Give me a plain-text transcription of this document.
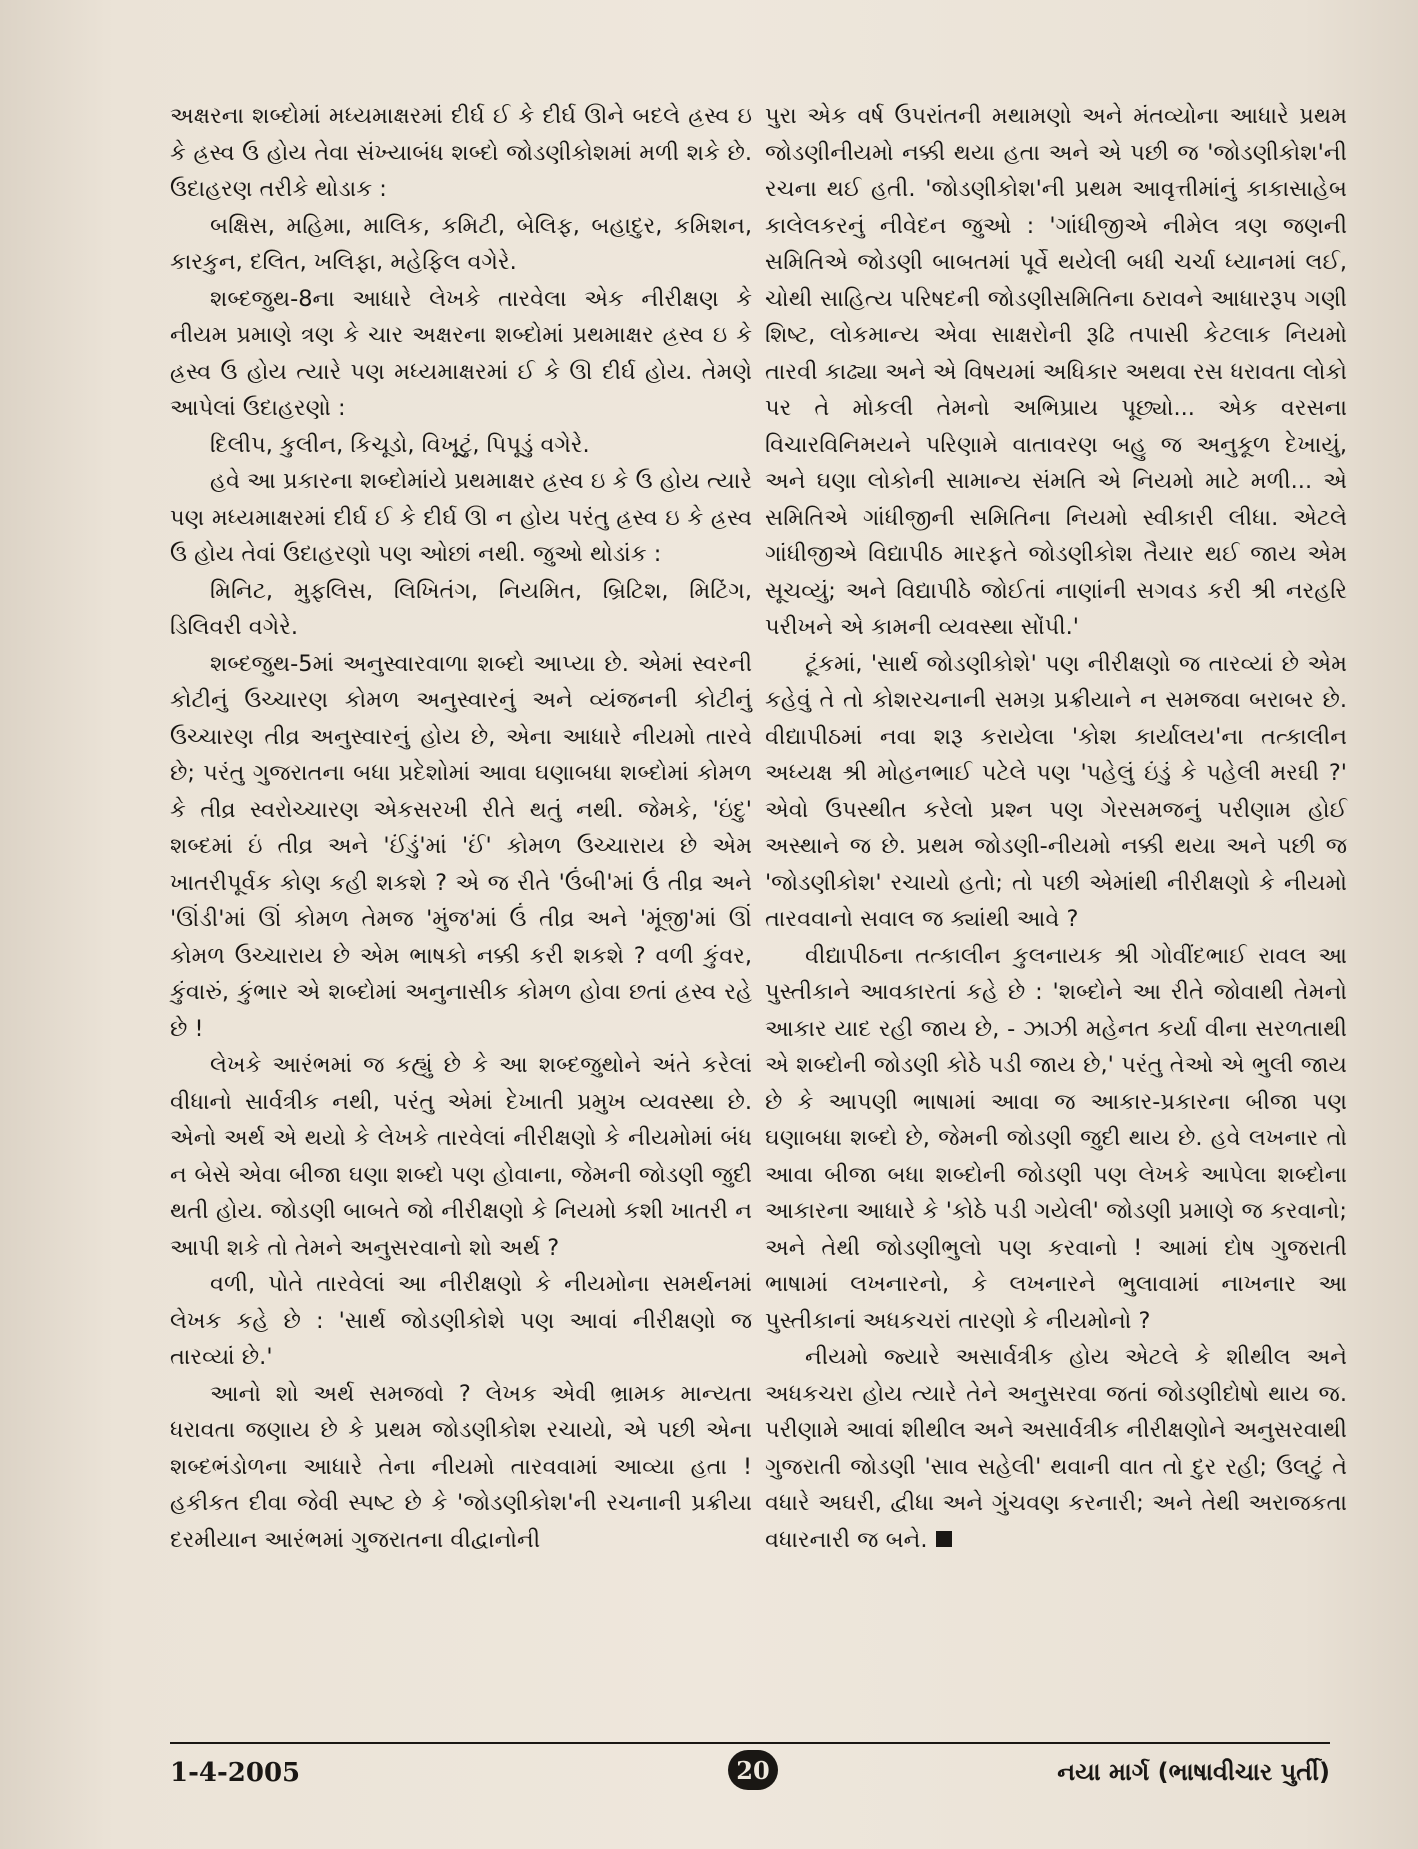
અક્ષરના શબ્દોમાં મધ્યમાક્ષરમાં દીર્ઘ ઈ કે દીર્ઘ ઊને બદલે હ્રસ્વ ઇ કે હ્રસ્વ ઉ હોય તેવા સંખ્યાબંધ શબ્દો જોડણીકોશમાં મળી શકે છે. ઉદાહરણ તરીકે થોડાક :

બક્ષિસ, મહિમા, માલિક, કમિટી, બેલિફ, બહાદુર, કમિશન, કારકુન, દલિત, ખલિફા, મહેફિલ વગેરે.

શબ્દજુથ-8ના આધારે લેખકે તારવેલા એક નીરીક્ષણ કે નીયમ પ્રમાણે ત્રણ કે ચાર અક્ષરના શબ્દોમાં પ્રથમાક્ષર હ્રસ્વ ઇ કે હ્રસ્વ ઉ હોય ત્યારે પણ મધ્યમાક્ષરમાં ઈ કે ઊ દીર્ઘ હોય. તેમણે આપેલાં ઉદાહરણો :

દિલીપ, કુલીન, કિચૂડો, વિખૂટું, પિપૂડું વગેરે.

હવે આ પ્રકારના શબ્દોમાંયે પ્રથમાક્ષર હ્રસ્વ ઇ કે ઉ હોય ત્યારે પણ મધ્યમાક્ષરમાં દીર્ઘ ઈ કે દીર્ઘ ઊ ન હોય પરંતુ હ્રસ્વ ઇ કે હ્રસ્વ ઉ હોય તેવાં ઉદાહરણો પણ ઓછાં નથી. જુઓ થોડાંક :

મિનિટ, મુફલિસ, લિખિતંગ, નિયમિત, બ્રિટિશ, મિટિંગ, ડિલિવરી વગેરે.

શબ્દજુથ-5માં અનુસ્વારવાળા શબ્દો આપ્યા છે. એમાં સ્વરની કોટીનું ઉચ્ચારણ કોમળ અનુસ્વારનું અને વ્યંજનની કોટીનું ઉચ્ચારણ તીવ્ર અનુસ્વારનું હોય છે, એના આધારે નીયમો તારવે છે; પરંતુ ગુજરાતના બધા પ્રદેશોમાં આવા ઘણાબધા શબ્દોમાં કોમળ કે તીવ્ર સ્વરોચ્ચારણ એકસરખી રીતે થતું નથી. જેમકે, 'ઇંદુ' શબ્દમાં ઇં તીવ્ર અને 'ઈંડું'માં 'ઈં' કોમળ ઉચ્ચારાય છે એમ ખાતરીપૂર્વક કોણ કહી શકશે ? એ જ રીતે 'ઉંબી'માં ઉં તીવ્ર અને 'ઊંડી'માં ઊં કોમળ તેમજ 'મુંજ'માં ઉં તીવ્ર અને 'મૂંજી'માં ઊં કોમળ ઉચ્ચારાય છે એમ ભાષકો નક્કી કરી શકશે ? વળી કુંવર, કુંવારું, કુંભાર એ શબ્દોમાં અનુનાસીક કોમળ હોવા છતાં હ્રસ્વ રહે છે !

લેખકે આરંભમાં જ કહ્યું છે કે આ શબ્દજુથોને અંતે કરેલાં વીધાનો સાર્વત્રીક નથી, પરંતુ એમાં દેખાતી પ્રમુખ વ્યવસ્થા છે. એનો અર્થ એ થયો કે લેખકે તારવેલાં નીરીક્ષણો કે નીયમોમાં બંધ ન બેસે એવા બીજા ઘણા શબ્દો પણ હોવાના, જેમની જોડણી જુદી થતી હોય. જોડણી બાબતે જો નીરીક્ષણો કે નિયમો કશી ખાતરી ન આપી શકે તો તેમને અનુસરવાનો શો અર્થ ?

વળી, પોતે તારવેલાં આ નીરીક્ષણો કે નીયમોના સમર્થનમાં લેખક કહે છે : 'સાર્થ જોડણીકોશે પણ આવાં નીરીક્ષણો જ તારવ્યાં છે.'

આનો શો અર્થ સમજવો ? લેખક એવી ભ્રામક માન્યતા ધરાવતા જણાય છે કે પ્રથમ જોડણીકોશ રચાયો, એ પછી એના શબ્દભંડોળના આધારે તેના નીયમો તારવવામાં આવ્યા હતા ! હકીકત દીવા જેવી સ્પષ્ટ છે કે 'જોડણીકોશ'ની રચનાની પ્રક્રીયા દરમીયાન આરંભમાં ગુજરાતના વીદ્વાનોની

પુરા એક વર્ષ ઉપરાંતની મથામણો અને મંતવ્યોના આધારે પ્રથમ જોડણીનીયમો નક્કી થયા હતા અને એ પછી જ 'જોડણીકોશ'ની રચના થઈ હતી. 'જોડણીકોશ'ની પ્રથમ આવૃત્તીમાંનું કાકાસાહેબ કાલેલકરનું નીવેદન જુઓ : 'ગાંધીજીએ નીમેલ ત્રણ જણની સમિતિએ જોડણી બાબતમાં પૂર્વે થયેલી બધી ચર્ચા ધ્યાનમાં લઈ, ચોથી સાહિત્ય પરિષદની જોડણીસમિતિના ઠરાવને આધારરૂપ ગણી શિષ્ટ, લોકમાન્ય એવા સાક્ષરોની રૂઢિ તપાસી કેટલાક નિયમો તારવી કાઢ્યા અને એ વિષયમાં અધિકાર અથવા રસ ધરાવતા લોકો પર તે મોકલી તેમનો અભિપ્રાય પૂછ્યો... એક વરસના વિચારવિનિમયને પરિણામે વાતાવરણ બહુ જ અનુકૂળ દેખાયું, અને ઘણા લોકોની સામાન્ય સંમતિ એ નિયમો માટે મળી... એ સમિતિએ ગાંધીજીની સમિતિના નિયમો સ્વીકારી લીધા. એટલે ગાંધીજીએ વિદ્યાપીઠ મારફતે જોડણીકોશ તૈયાર થઈ જાય એમ સૂચવ્યું; અને વિદ્યાપીઠે જોઈતાં નાણાંની સગવડ કરી શ્રી નરહરિ પરીખને એ કામની વ્યવસ્થા સોંપી.'

ટૂંકમાં, 'સાર્થ જોડણીકોશે' પણ નીરીક્ષણો જ તારવ્યાં છે એમ કહેવું તે તો કોશરચનાની સમગ્ર પ્રક્રીયાને ન સમજવા બરાબર છે. વીદ્યાપીઠમાં નવા શરૂ કરાયેલા 'કોશ કાર્યાલય'ના તત્કાલીન અધ્યક્ષ શ્રી મોહનભાઈ પટેલે પણ 'પહેલું ઇંડું કે પહેલી મરઘી ?' એવો ઉપસ્થીત કરેલો પ્રશ્ન પણ ગેરસમજનું પરીણામ હોઈ અસ્થાને જ છે. પ્રથમ જોડણી-નીયમો નક્કી થયા અને પછી જ 'જોડણીકોશ' રચાયો હતો; તો પછી એમાંથી નીરીક્ષણો કે નીયમો તારવવાનો સવાલ જ ક્યાંથી આવે ?

વીદ્યાપીઠના તત્કાલીન કુલનાયક શ્રી ગોવીંદભાઈ રાવલ આ પુસ્તીકાને આવકારતાં કહે છે : 'શબ્દોને આ રીતે જોવાથી તેમનો આકાર યાદ રહી જાય છે, - ઝાઝી મહેનત કર્યા વીના સરળતાથી એ શબ્દોની જોડણી કોઠે પડી જાય છે,' પરંતુ તેઓ એ ભુલી જાય છે કે આપણી ભાષામાં આવા જ આકાર-પ્રકારના બીજા પણ ઘણાબધા શબ્દો છે, જેમની જોડણી જુદી થાય છે. હવે લખનાર તો આવા બીજા બધા શબ્દોની જોડણી પણ લેખકે આપેલા શબ્દોના આકારના આધારે કે 'કોઠે પડી ગયેલી' જોડણી પ્રમાણે જ કરવાનો; અને તેથી જોડણીભુલો પણ કરવાનો ! આમાં દોષ ગુજરાતી ભાષામાં લખનારનો, કે લખનારને ભુલાવામાં નાખનાર આ પુસ્તીકાનાં અધકચરાં તારણો કે નીયમોનો ?

નીયમો જ્યારે અસાર્વત્રીક હોય એટલે કે શીથીલ અને અધકચરા હોય ત્યારે તેને અનુસરવા જતાં જોડણીદોષો થાય જ. પરીણામે આવાં શીથીલ અને અસાર્વત્રીક નીરીક્ષણોને અનુસરવાથી ગુજરાતી જોડણી 'સાવ સહેલી' થવાની વાત તો દુર રહી; ઉલટું તે વધારે અઘરી, દ્વીધા અને ગુંચવણ કરનારી; અને તેથી અરાજકતા વધારનારી જ બને.

1-4-2005	20	નયા માર્ગ (ભાષાવીચાર પુર્તી)
